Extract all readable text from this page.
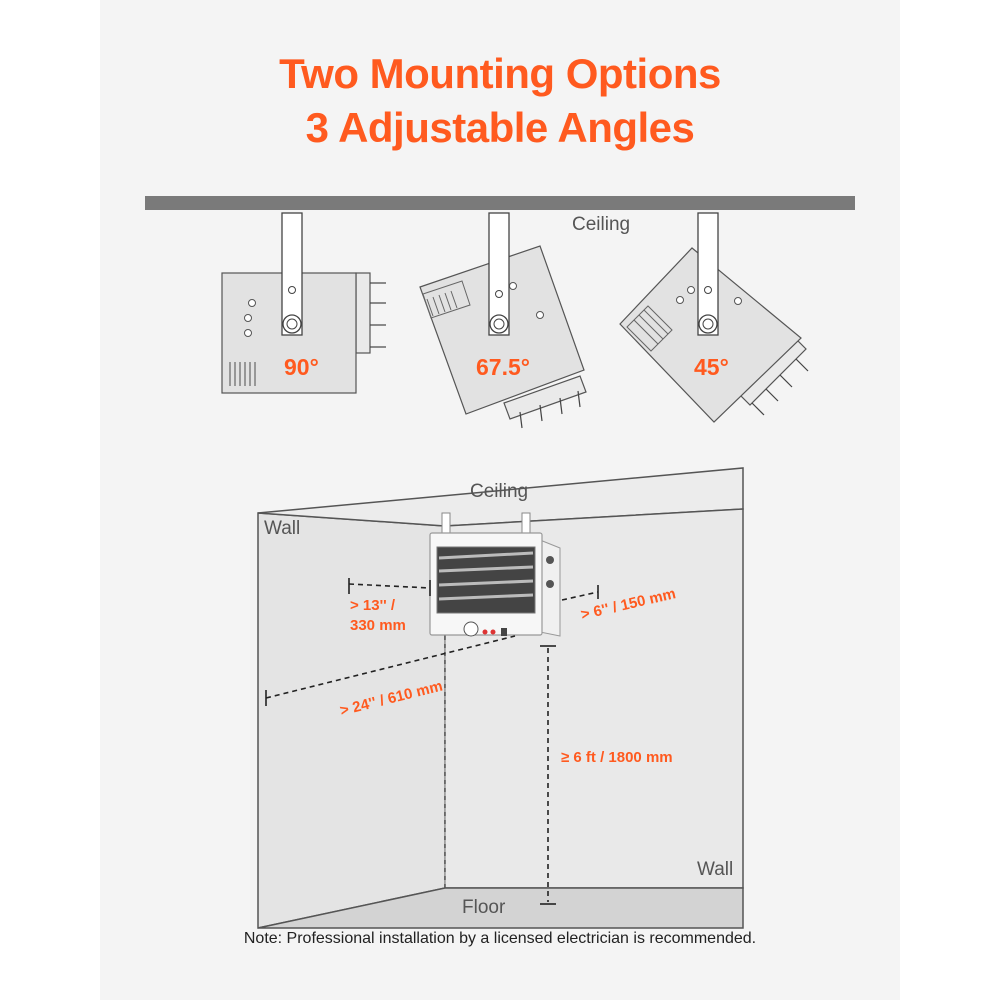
Two Mounting Options
3 Adjustable Angles
Ceiling
90°	67.5°	45°
Ceiling
Wall
Wall
Floor
> 13'' /
330 mm
> 6'' / 150 mm
> 24'' / 610 mm
≥ 6 ft / 1800 mm
Note: Professional installation by a licensed electrician is recommended.
